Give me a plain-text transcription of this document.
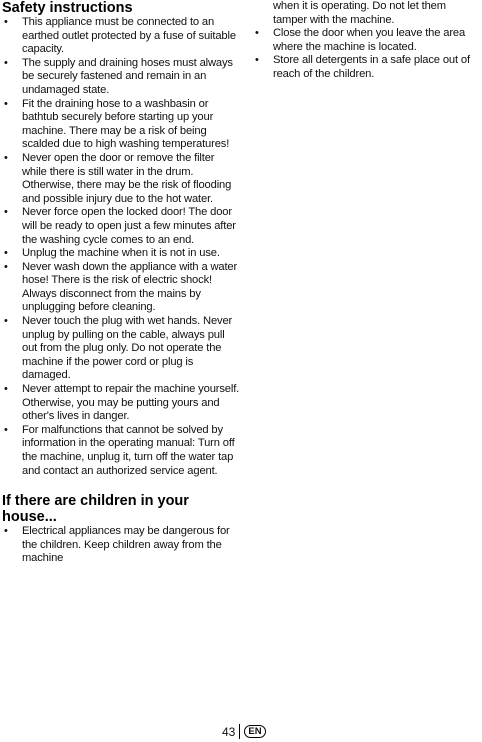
Safety instructions
• This appliance must be connected to an earthed outlet protected by a fuse of suitable capacity.
• The supply and draining hoses must always be securely fastened and remain in an undamaged state.
• Fit the draining hose to a washbasin or bathtub securely before starting up your machine. There may be a risk of being scalded due to high washing temperatures!
• Never open the door or remove the filter while there is still water in the drum. Otherwise, there may be the risk of flooding and possible injury due to the hot water.
• Never force open the locked door! The door will be ready to open just a few minutes after the washing cycle comes to an end.
• Unplug the machine when it is not in use.
• Never wash down the appliance with a water hose! There is the risk of electric shock! Always disconnect from the mains by unplugging before cleaning.
• Never touch the plug with wet hands. Never unplug by pulling on the cable, always pull out from the plug only. Do not operate the machine if the power cord or plug is damaged.
• Never attempt to repair the machine yourself. Otherwise, you may be putting yours and other's lives in danger.
• For malfunctions that cannot be solved by information in the operating manual: Turn off the machine, unplug it, turn off the water tap and contact an authorized service agent.
If there are children in your house...
• Electrical appliances may be dangerous for the children. Keep children away from the machine
when it is operating. Do not let them tamper with the machine.
• Close the door when you leave the area where the machine is located.
• Store all detergents in a safe place out of reach of the children.
43	EN
